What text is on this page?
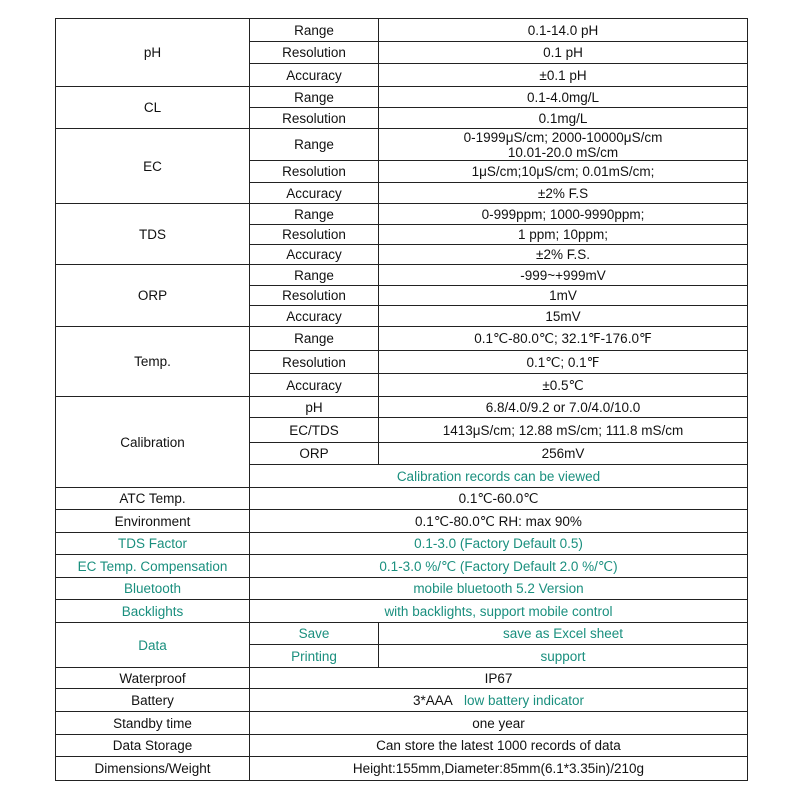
pH	Range	0.1-14.0 pH
	Resolution	0.1 pH
	Accuracy	±0.1 pH
CL	Range	0.1-4.0mg/L
	Resolution	0.1mg/L
EC	Range	0-1999μS/cm; 2000-10000μS/cm
10.01-20.0 mS/cm

	Resolution	1μS/cm;10μS/cm; 0.01mS/cm;
	Accuracy	±2% F.S
TDS	Range	0-999ppm; 1000-9990ppm;
	Resolution	1 ppm; 10ppm;
	Accuracy	±2% F.S.
ORP	Range	-999~+999mV
	Resolution	1mV
	Accuracy	15mV
Temp.	Range	0.1℃-80.0℃; 32.1℉-176.0℉
	Resolution	0.1℃; 0.1℉
	Accuracy	±0.5℃
Calibration	pH	6.8/4.0/9.2 or 7.0/4.0/10.0
	EC/TDS	1413μS/cm; 12.88 mS/cm; 111.8 mS/cm
	ORP	256mV
	Calibration records can be viewed	
ATC Temp.	0.1℃-60.0℃	
Environment	0.1℃-80.0℃ RH: max 90%	
TDS Factor	0.1-3.0 (Factory Default 0.5)	
EC Temp. Compensation	0.1-3.0 %/℃ (Factory Default 2.0 %/℃)	
Bluetooth	mobile bluetooth 5.2 Version	
Backlights	with backlights, support mobile control	
Data	Save	save as Excel sheet
	Printing	support
Waterproof	IP67	
Battery	3*AAA low battery indicator	
Standby time	one year	
Data Storage	Can store the latest 1000 records of data	
Dimensions/Weight	Height:155mm,Diameter:85mm(6.1*3.35in)/210g	
